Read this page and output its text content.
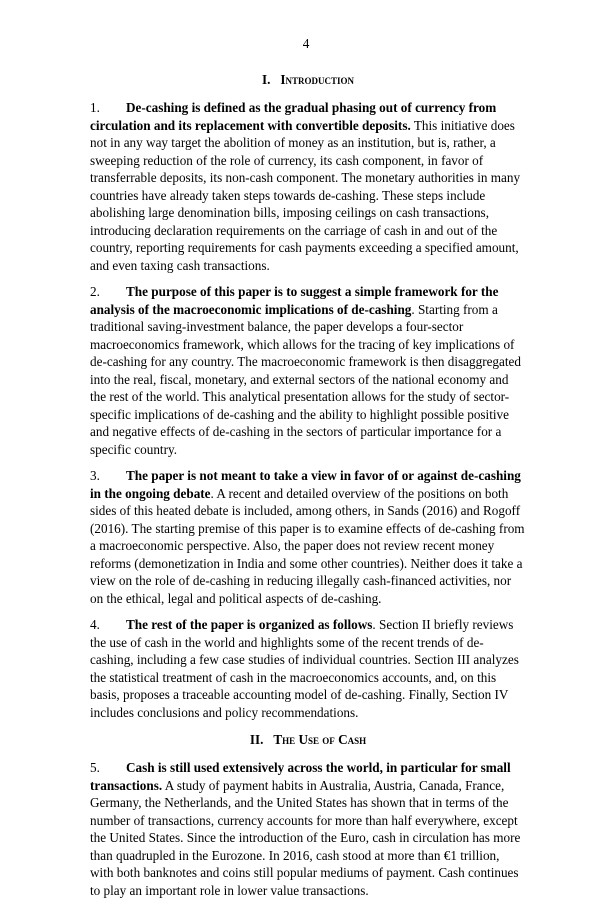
4
I. Introduction

1. De-cashing is defined as the gradual phasing out of currency from circulation and its replacement with convertible deposits. This initiative does not in any way target the abolition of money as an institution, but is, rather, a sweeping reduction of the role of currency, its cash component, in favor of transferrable deposits, its non-cash component. The monetary authorities in many countries have already taken steps towards de-cashing. These steps include abolishing large denomination bills, imposing ceilings on cash transactions, introducing declaration requirements on the carriage of cash in and out of the country, reporting requirements for cash payments exceeding a specified amount, and even taxing cash transactions.

2. The purpose of this paper is to suggest a simple framework for the analysis of the macroeconomic implications of de-cashing. Starting from a traditional saving-investment balance, the paper develops a four-sector macroeconomics framework, which allows for the tracing of key implications of de-cashing for any country. The macroeconomic framework is then disaggregated into the real, fiscal, monetary, and external sectors of the national economy and the rest of the world. This analytical presentation allows for the study of sector-specific implications of de-cashing and the ability to highlight possible positive and negative effects of de-cashing in the sectors of particular importance for a specific country.

3. The paper is not meant to take a view in favor of or against de-cashing in the ongoing debate. A recent and detailed overview of the positions on both sides of this heated debate is included, among others, in Sands (2016) and Rogoff (2016). The starting premise of this paper is to examine effects of de-cashing from a macroeconomic perspective. Also, the paper does not review recent money reforms (demonetization in India and some other countries). Neither does it take a view on the role of de-cashing in reducing illegally cash-financed activities, nor on the ethical, legal and political aspects of de-cashing.

4. The rest of the paper is organized as follows. Section II briefly reviews the use of cash in the world and highlights some of the recent trends of de-cashing, including a few case studies of individual countries. Section III analyzes the statistical treatment of cash in the macroeconomics accounts, and, on this basis, proposes a traceable accounting model of de-cashing. Finally, Section IV includes conclusions and policy recommendations.

II. The Use of Cash

5. Cash is still used extensively across the world, in particular for small transactions. A study of payment habits in Australia, Austria, Canada, France, Germany, the Netherlands, and the United States has shown that in terms of the number of transactions, currency accounts for more than half everywhere, except the United States. Since the introduction of the Euro, cash in circulation has more than quadrupled in the Eurozone. In 2016, cash stood at more than €1 trillion, with both banknotes and coins still popular mediums of payment. Cash continues to play an important role in lower value transactions.
